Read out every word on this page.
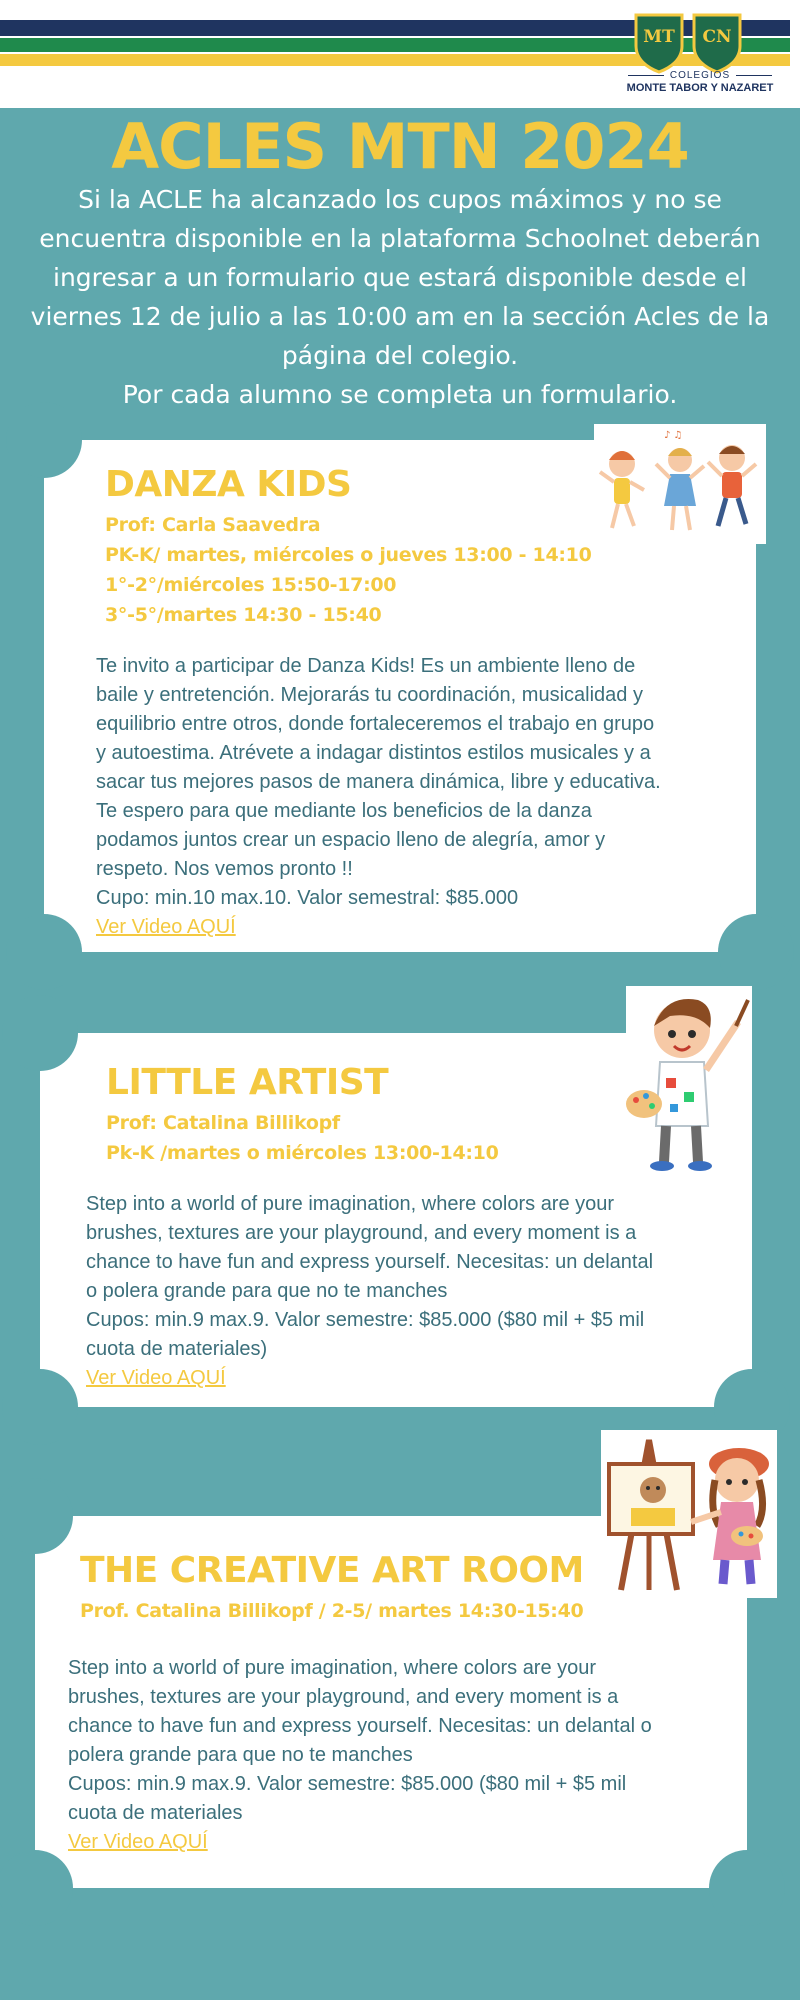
MT CN
COLEGIOS
MONTE TABOR Y NAZARET
ACLES MTN 2024
Si la ACLE ha alcanzado los cupos máximos y no se
encuentra disponible en la plataforma Schoolnet deberán
ingresar a un formulario que estará disponible desde el
viernes 12 de julio a las 10:00 am en la sección Acles de la
página del colegio.
Por cada alumno se completa un formulario.
DANZA KIDS
Prof: Carla Saavedra
PK-K/ martes, miércoles o jueves 13:00 - 14:10
1°-2°/miércoles 15:50-17:00
3°-5°/martes 14:30 - 15:40

Te invito a participar de Danza Kids! Es un ambiente lleno de

baile y entretención. Mejorarás tu coordinación, musicalidad y

equilibrio entre otros, donde fortaleceremos el trabajo en grupo

y autoestima. Atrévete a indagar distintos estilos musicales y a

sacar tus mejores pasos de manera dinámica, libre y educativa.

Te espero para que mediante los beneficios de la danza

podamos juntos crear un espacio lleno de alegría, amor y

respeto. Nos vemos pronto !!

Cupo: min.10 max.10. Valor semestral: $85.000

Ver Video AQUÍ

♪ ♫
LITTLE ARTIST
Prof: Catalina Billikopf
Pk-K /martes o miércoles 13:00-14:10

Step into a world of pure imagination, where colors are your

brushes, textures are your playground, and every moment is a

chance to have fun and express yourself. Necesitas: un delantal

o polera grande para que no te manches

Cupos: min.9 max.9. Valor semestre: $85.000 ($80 mil + $5 mil

cuota de materiales)

Ver Video AQUÍ

THE CREATIVE ART ROOM
Prof. Catalina Billikopf / 2-5/ martes 14:30-15:40

Step into a world of pure imagination, where colors are your

brushes, textures are your playground, and every moment is a

chance to have fun and express yourself. Necesitas: un delantal o

polera grande para que no te manches

Cupos: min.9 max.9. Valor semestre: $85.000 ($80 mil + $5 mil

cuota de materiales

Ver Video AQUÍ
